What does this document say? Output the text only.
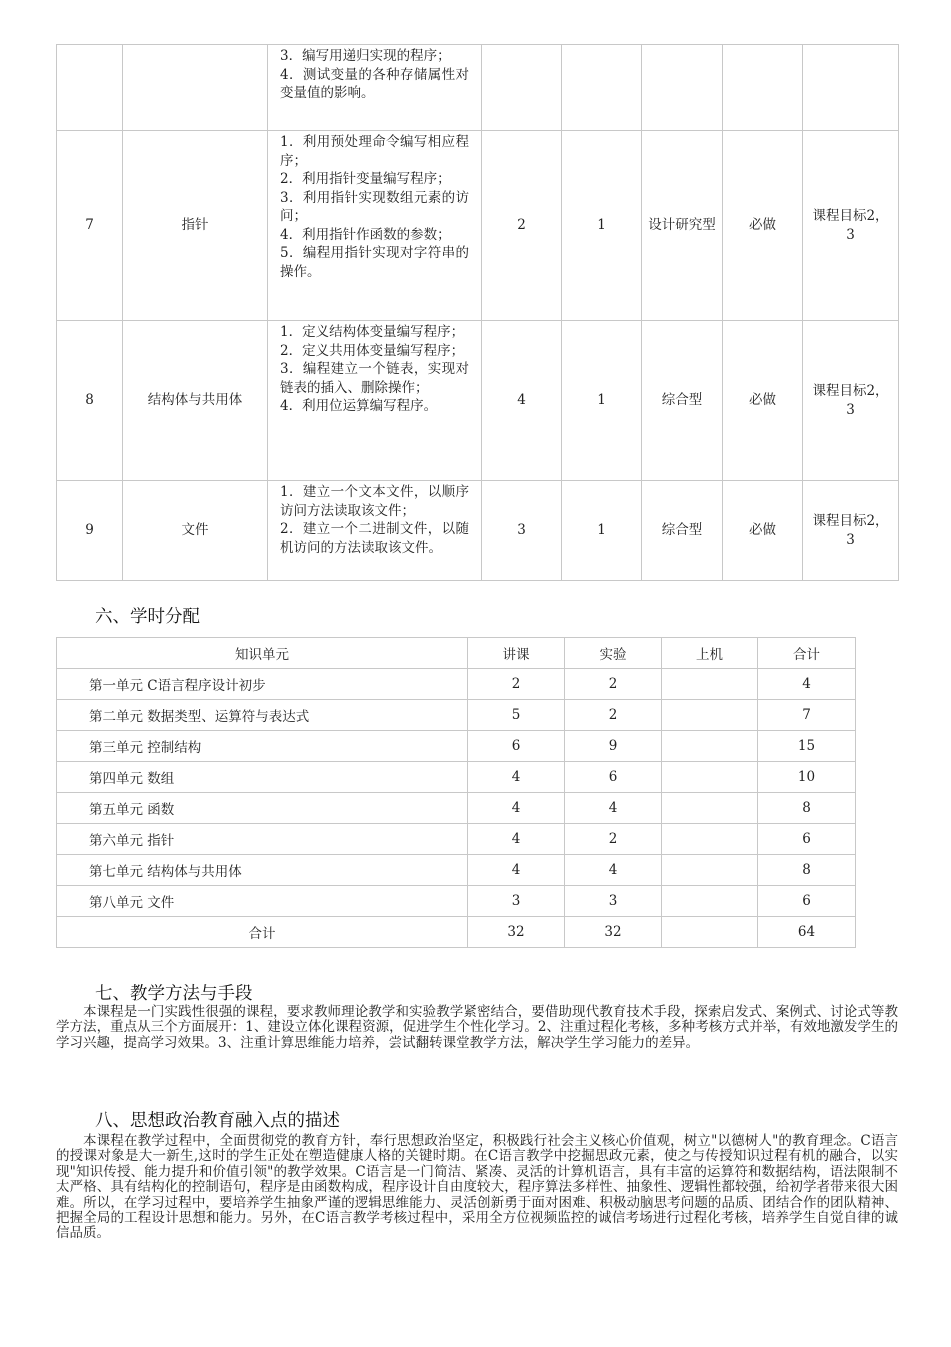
		3．编写用递归实现的程序；
4．测试变量的各种存储属性对变量值的影响。					

7	指针	1．利用预处理命令编写相应程序；
2．利用指针变量编写程序；
3．利用指针实现数组元素的访问；
4．利用指针作函数的参数；
5．编程用指针实现对字符串的操作。	2	1	设计研究型	必做	课程目标2，3
8	结构体与共用体	1．定义结构体变量编写程序；
2．定义共用体变量编写程序；
3．编程建立一个链表，实现对链表的插入、删除操作；
4．利用位运算编写程序。	4	1	综合型	必做	课程目标2，3
9	文件	1．建立一个文本文件，以顺序访问方法读取该文件；
2．建立一个二进制文件，以随机访问的方法读取该文件。	3	1	综合型	必做	课程目标2，3
六、学时分配
知识单元	讲课	实验	上机	合计
第一单元 C语言程序设计初步	2	2		4
第二单元 数据类型、运算符与表达式	5	2		7
第三单元 控制结构	6	9		15
第四单元 数组	4	6		10
第五单元 函数	4	4		8
第六单元 指针	4	2		6
第七单元 结构体与共用体	4	4		8
第八单元 文件	3	3		6
合计	32	32		64
七、教学方法与手段

本课程是一门实践性很强的课程，要求教师理论教学和实验教学紧密结合，要借助现代教育技术手段，探索启发式、案例式、讨论式等教学方法，重点从三个方面展开：1、建设立体化课程资源，促进学生个性化学习。2、注重过程化考核，多种考核方式并举，有效地激发学生的学习兴趣，提高学习效果。3、注重计算思维能力培养，尝试翻转课堂教学方法，解决学生学习能力的差异。

八、思想政治教育融入点的描述

本课程在教学过程中，全面贯彻党的教育方针，奉行思想政治坚定，积极践行社会主义核心价值观，树立"以德树人"的教育理念。C语言的授课对象是大一新生,这时的学生正处在塑造健康人格的关键时期。在C语言教学中挖掘思政元素，使之与传授知识过程有机的融合，以实现"知识传授、能力提升和价值引领"的教学效果。C语言是一门简洁、紧凑、灵活的计算机语言，具有丰富的运算符和数据结构，语法限制不太严格、具有结构化的控制语句，程序是由函数构成，程序设计自由度较大，程序算法多样性、抽象性、逻辑性都较强，给初学者带来很大困难。所以，在学习过程中，要培养学生抽象严谨的逻辑思维能力、灵活创新勇于面对困难、积极动脑思考问题的品质、团结合作的团队精神、把握全局的工程设计思想和能力。另外，在C语言教学考核过程中，采用全方位视频监控的诚信考场进行过程化考核，培养学生自觉自律的诚信品质。
